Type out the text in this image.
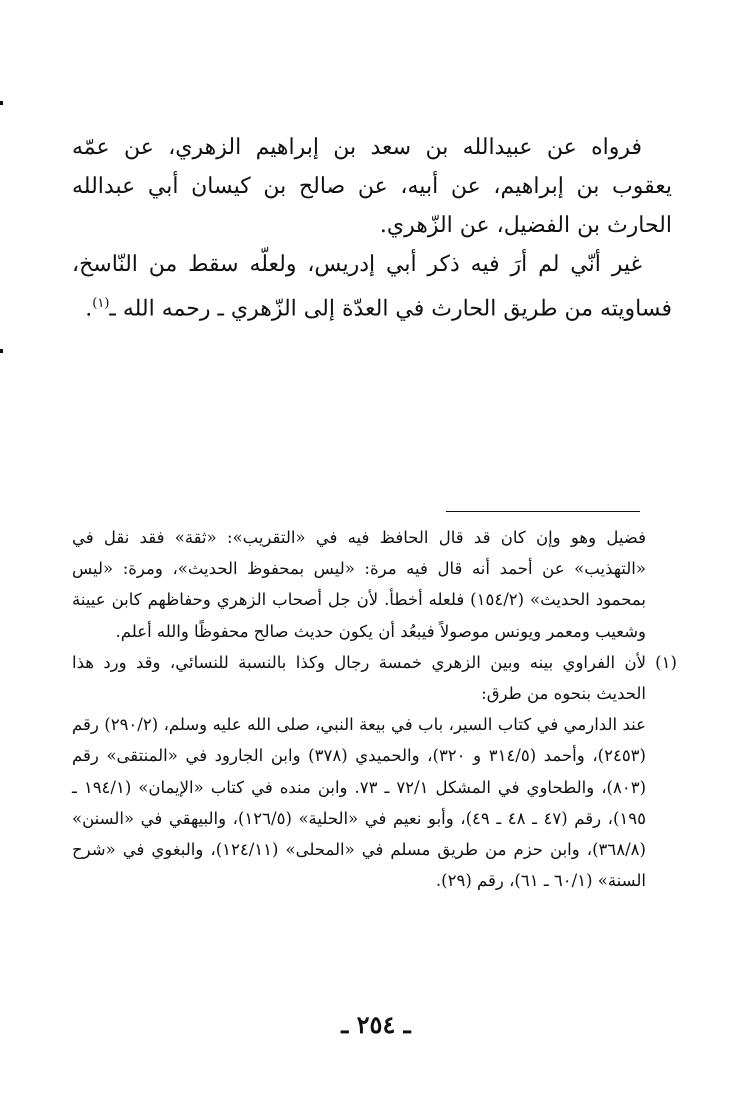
فرواه عن عبيدالله بن سعد بن إبراهيم الزهري، عن عمّه يعقوب بن إبراهيم، عن أبيه، عن صالح بن كيسان أبي عبدالله الحارث بن الفضيل، عن الزّهري.

غير أنّي لم أرَ فيه ذكر أبي إدريس، ولعلّه سقط من النّاسخ، فساويته من طريق الحارث في العدّة إلى الزّهري ـ رحمه الله ـ$^{(١)}$.

فضيل وهو وإن كان قد قال الحافظ فيه في «التقريب»: «ثقة» فقد نقل في «التهذيب» عن أحمد أنه قال فيه مرة: «ليس بمحفوظ الحديث»، ومرة: «ليس بمحمود الحديث» (١٥٤/٢) فلعله أخطأ. لأن جل أصحاب الزهري وحفاظهم كابن عيينة وشعيب ومعمر ويونس موصولاً فيبعُد أن يكون حديث صالح محفوظًا والله أعلم.

(١)

لأن الفراوي بينه وبين الزهري خمسة رجال وكذا بالنسبة للنسائي، وقد ورد هذا الحديث بنحوه من طرق:

عند الدارمي في كتاب السير، باب في بيعة النبي، صلى الله عليه وسلم، (٢٩٠/٢) رقم (٢٤٥٣)، وأحمد (٣١٤/٥ و ٣٢٠)، والحميدي (٣٧٨) وابن الجارود في «المنتقى» رقم (٨٠٣)، والطحاوي في المشكل ٧٢/١ ـ ٧٣. وابن منده في كتاب «الإيمان» (١٩٤/١ ـ ١٩٥)، رقم (٤٧ ـ ٤٨ ـ ٤٩)، وأبو نعيم في «الحلية» (١٢٦/٥)، والبيهقي في «السنن» (٣٦٨/٨)، وابن حزم من طريق مسلم في «المحلى» (١٢٤/١١)، والبغوي في «شرح السنة» (٦٠/١ ـ ٦١)، رقم (٢٩).

ـ ٢٥٤ ـ
